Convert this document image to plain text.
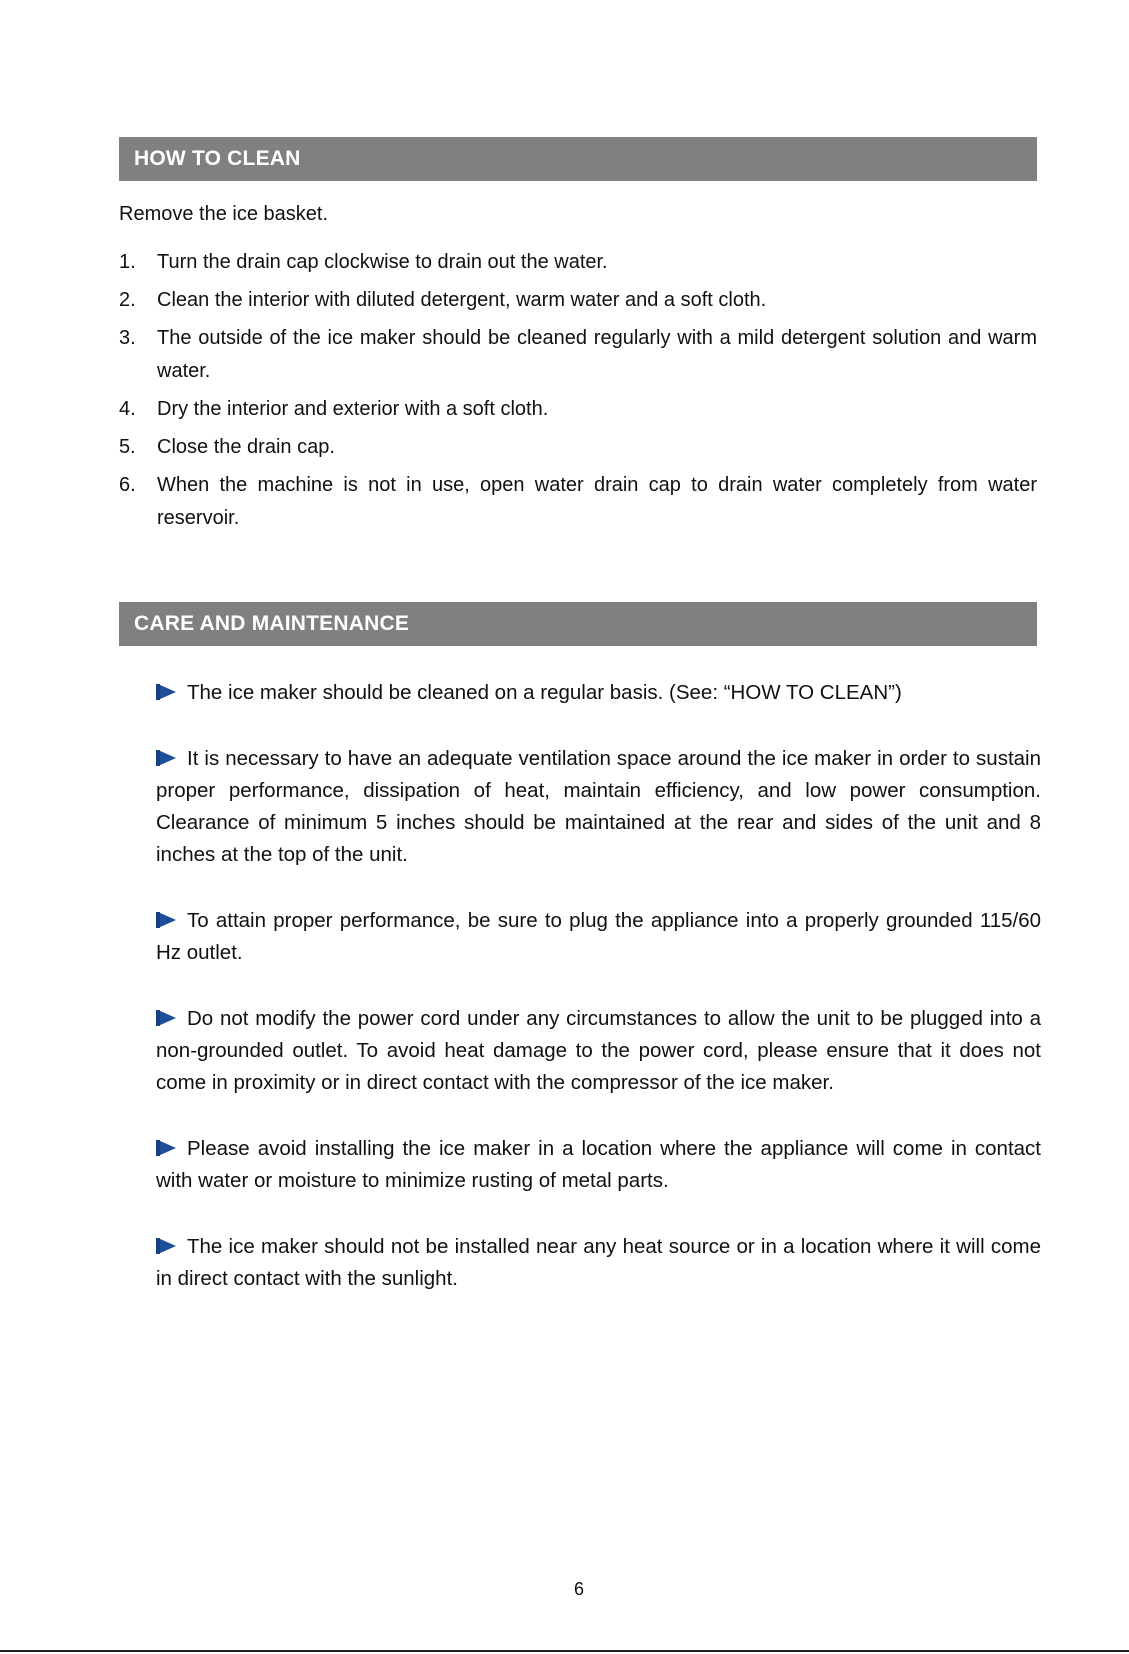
HOW TO CLEAN
Remove the ice basket.
1.	Turn the drain cap clockwise to drain out the water.
2.	Clean the interior with diluted detergent, warm water and a soft cloth.
3.	The outside of the ice maker should be cleaned regularly with a mild detergent solution and warm water.
4.	Dry the interior and exterior with a soft cloth.
5.	Close the drain cap.
6.	When the machine is not in use, open water drain cap to drain water completely from water reservoir.
CARE AND MAINTENANCE
The ice maker should be cleaned on a regular basis. (See: “HOW TO CLEAN”)
It is necessary to have an adequate ventilation space around the ice maker in order to sustain proper performance, dissipation of heat, maintain efficiency, and low power consumption. Clearance of minimum 5 inches should be maintained at the rear and sides of the unit and 8 inches at the top of the unit.
To attain proper performance, be sure to plug the appliance into a properly grounded 115/60 Hz outlet.
Do not modify the power cord under any circumstances to allow the unit to be plugged into a non-grounded outlet. To avoid heat damage to the power cord, please ensure that it does not come in proximity or in direct contact with the compressor of the ice maker.
Please avoid installing the ice maker in a location where the appliance will come in contact with water or moisture to minimize rusting of metal parts.
The ice maker should not be installed near any heat source or in a location where it will come in direct contact with the sunlight.
6
